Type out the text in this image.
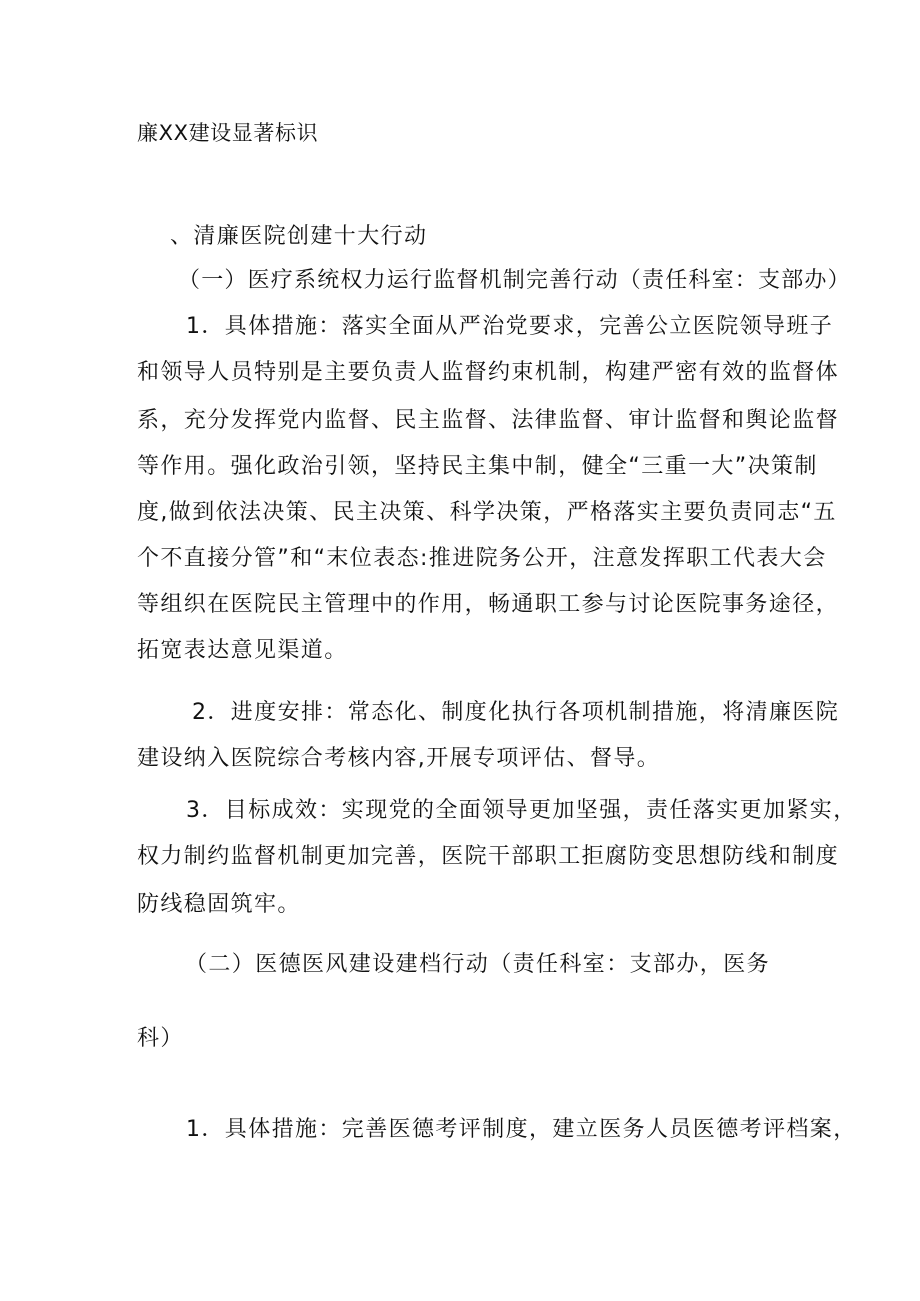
廉XX建设显著标识
、清廉医院创建十大行动
（一）医疗系统权力运行监督机制完善行动（责任科室：支部办）
1．具体措施：落实全面从严治党要求，完善公立医院领导班子
和领导人员特别是主要负责人监督约束机制，构建严密有效的监督体
系，充分发挥党内监督、民主监督、法律监督、审计监督和舆论监督
等作用。强化政治引领，坚持民主集中制，健全“三重一大”决策制
度,做到依法决策、民主决策、科学决策，严格落实主要负责同志“五
个不直接分管”和“末位表态:推进院务公开，注意发挥职工代表大会
等组织在医院民主管理中的作用，畅通职工参与讨论医院事务途径，
拓宽表达意见渠道。
2．进度安排：常态化、制度化执行各项机制措施，将清廉医院
建设纳入医院综合考核内容,开展专项评估、督导。
3．目标成效：实现党的全面领导更加坚强，责任落实更加紧实，
权力制约监督机制更加完善，医院干部职工拒腐防变思想防线和制度
防线稳固筑牢。
（二）医德医风建设建档行动（责任科室：支部办，医务
科）
1．具体措施：完善医德考评制度，建立医务人员医德考评档案，
